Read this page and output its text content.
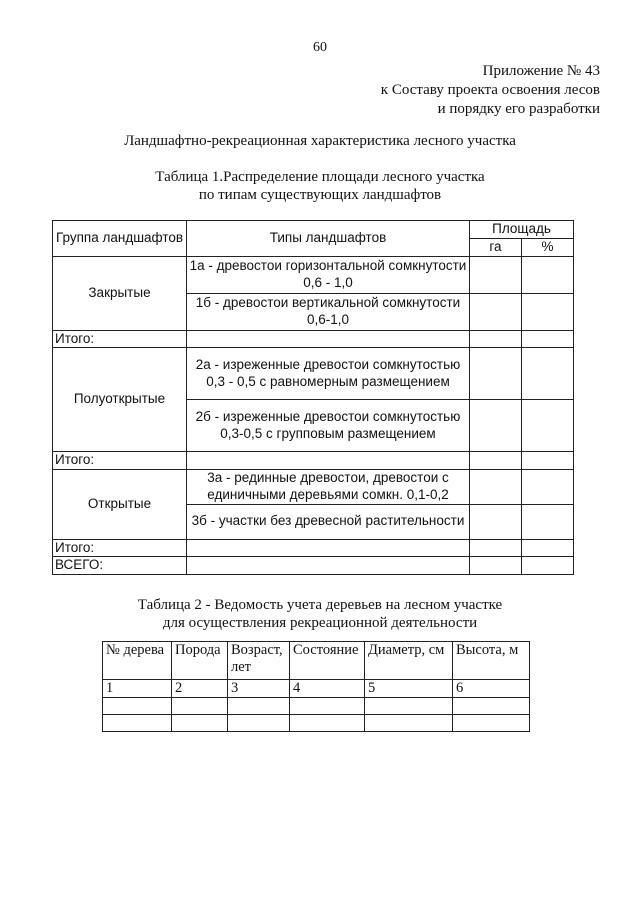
60
Приложение № 43
к Составу проекта освоения лесов
и порядку его разработки
Ландшафтно-рекреационная характеристика лесного участка
Таблица 1.Распределение площади лесного участка
по типам существующих ландшафтов
Группа ландшафтов	Типы ландшафтов	Площадь	
		га	%
Закрытые	1а - древостои горизонтальной сомкнутости 0,6 - 1,0		
	1б - древостои вертикальной сомкнутости 0,6-1,0		
Итого:			
Полуоткрытые	2а - изреженные древостои сомкнутостью 0,3 - 0,5 с равномерным размещением		
	2б - изреженные древостои сомкнутостью 0,3-0,5 с групповым размещением		
Итого:			
Открытые	3а - рединные древостои, древостои с единичными деревьями сомкн. 0,1-0,2		
	3б - участки без древесной растительности		
Итого:			
ВСЕГО:			
Таблица 2 - Ведомость учета деревьев на лесном участке
для осуществления рекреационной деятельности
№ дерева	Порода	Возраст, лет	Состояние	Диаметр, см	Высота, м
1	2	3	4	5	6
